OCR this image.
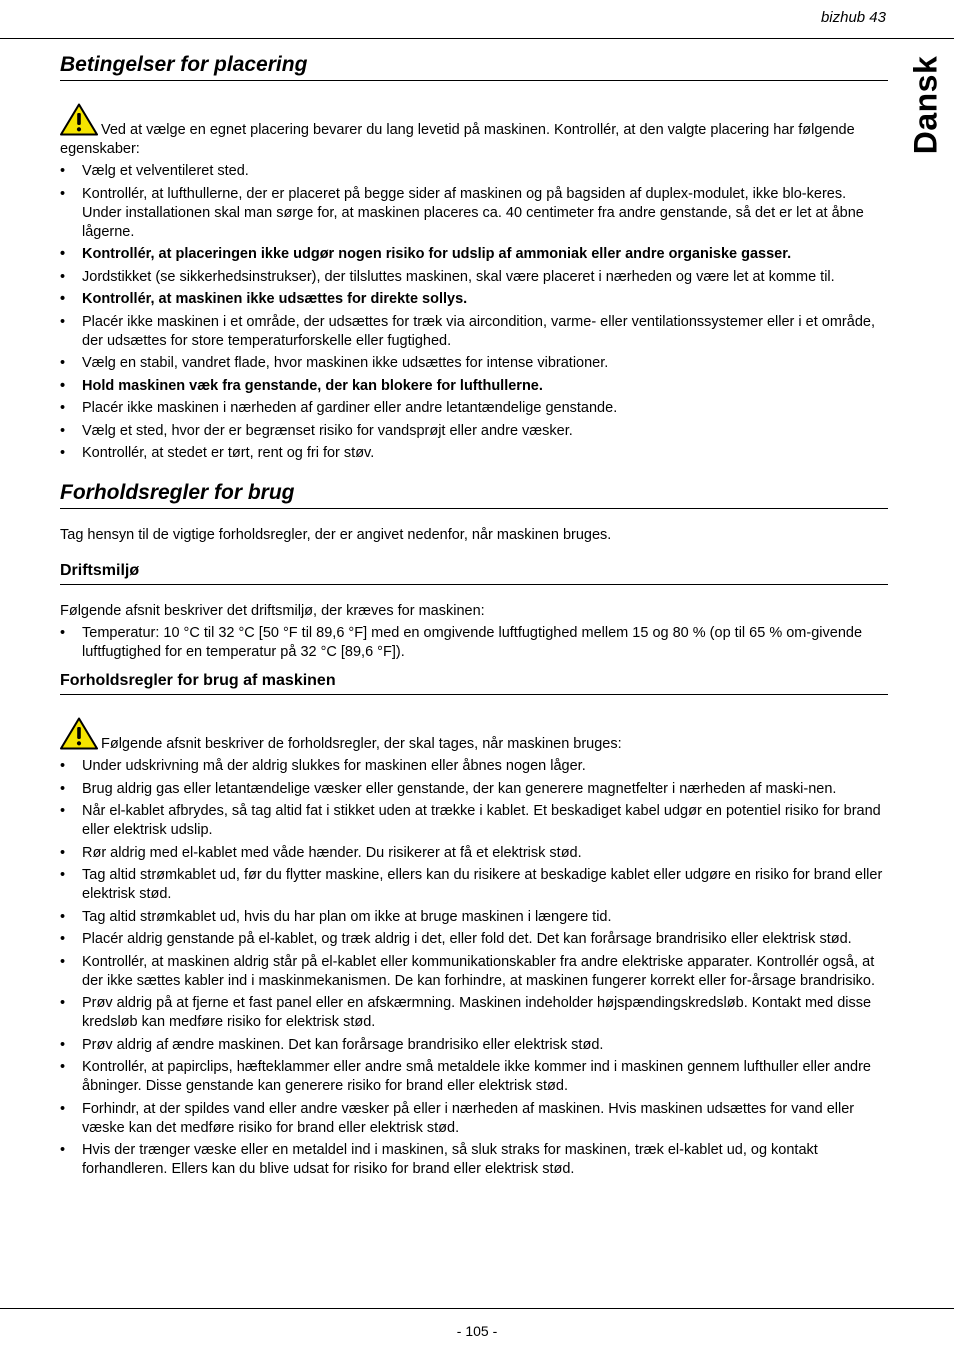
bizhub 43
Dansk
Betingelser for placering

Ved at vælge en egnet placering bevarer du lang levetid på maskinen. Kontrollér, at den valgte placering har følgende egenskaber:

• Vælg et velventileret sted.
• Kontrollér, at lufthullerne, der er placeret på begge sider af maskinen og på bagsiden af duplex-modulet, ikke blo-keres. Under installationen skal man sørge for, at maskinen placeres ca. 40 centimeter fra andre genstande, så det er let at åbne lågerne.
• Kontrollér, at placeringen ikke udgør nogen risiko for udslip af ammoniak eller andre organiske gasser.
• Jordstikket (se sikkerhedsinstrukser), der tilsluttes maskinen, skal være placeret i nærheden og være let at komme til.
• Kontrollér, at maskinen ikke udsættes for direkte sollys.
• Placér ikke maskinen i et område, der udsættes for træk via aircondition, varme- eller ventilationssystemer eller i et område, der udsættes for store temperaturforskelle eller fugtighed.
• Vælg en stabil, vandret flade, hvor maskinen ikke udsættes for intense vibrationer.
• Hold maskinen væk fra genstande, der kan blokere for lufthullerne.
• Placér ikke maskinen i nærheden af gardiner eller andre letantændelige genstande.
• Vælg et sted, hvor der er begrænset risiko for vandsprøjt eller andre væsker.
• Kontrollér, at stedet er tørt, rent og fri for støv.
Forholdsregler for brug

Tag hensyn til de vigtige forholdsregler, der er angivet nedenfor, når maskinen bruges.

Driftsmiljø

Følgende afsnit beskriver det driftsmiljø, der kræves for maskinen:

• Temperatur: 10 °C til 32 °C [50 °F til 89,6 °F] med en omgivende luftfugtighed mellem 15 og 80 % (op til 65 % om-givende luftfugtighed for en temperatur på 32 °C [89,6 °F]).
Forholdsregler for brug af maskinen

Følgende afsnit beskriver de forholdsregler, der skal tages, når maskinen bruges:

• Under udskrivning må der aldrig slukkes for maskinen eller åbnes nogen låger.
• Brug aldrig gas eller letantændelige væsker eller genstande, der kan generere magnetfelter i nærheden af maski-nen.
• Når el-kablet afbrydes, så tag altid fat i stikket uden at trække i kablet. Et beskadiget kabel udgør en potentiel risiko for brand eller elektrisk udslip.
• Rør aldrig med el-kablet med våde hænder. Du risikerer at få et elektrisk stød.
• Tag altid strømkablet ud, før du flytter maskine, ellers kan du risikere at beskadige kablet eller udgøre en risiko for brand eller elektrisk stød.
• Tag altid strømkablet ud, hvis du har plan om ikke at bruge maskinen i længere tid.
• Placér aldrig genstande på el-kablet, og træk aldrig i det, eller fold det. Det kan forårsage brandrisiko eller elektrisk stød.
• Kontrollér, at maskinen aldrig står på el-kablet eller kommunikationskabler fra andre elektriske apparater. Kontrollér også, at der ikke sættes kabler ind i maskinmekanismen. De kan forhindre, at maskinen fungerer korrekt eller for-årsage brandrisiko.
• Prøv aldrig på at fjerne et fast panel eller en afskærmning. Maskinen indeholder højspændingskredsløb. Kontakt med disse kredsløb kan medføre risiko for elektrisk stød.
• Prøv aldrig af ændre maskinen. Det kan forårsage brandrisiko eller elektrisk stød.
• Kontrollér, at papirclips, hæfteklammer eller andre små metaldele ikke kommer ind i maskinen gennem lufthuller eller andre åbninger. Disse genstande kan generere risiko for brand eller elektrisk stød.
• Forhindr, at der spildes vand eller andre væsker på eller i nærheden af maskinen. Hvis maskinen udsættes for vand eller væske kan det medføre risiko for brand eller elektrisk stød.
• Hvis der trænger væske eller en metaldel ind i maskinen, så sluk straks for maskinen, træk el-kablet ud, og kontakt forhandleren. Ellers kan du blive udsat for risiko for brand eller elektrisk stød.
- 105 -
